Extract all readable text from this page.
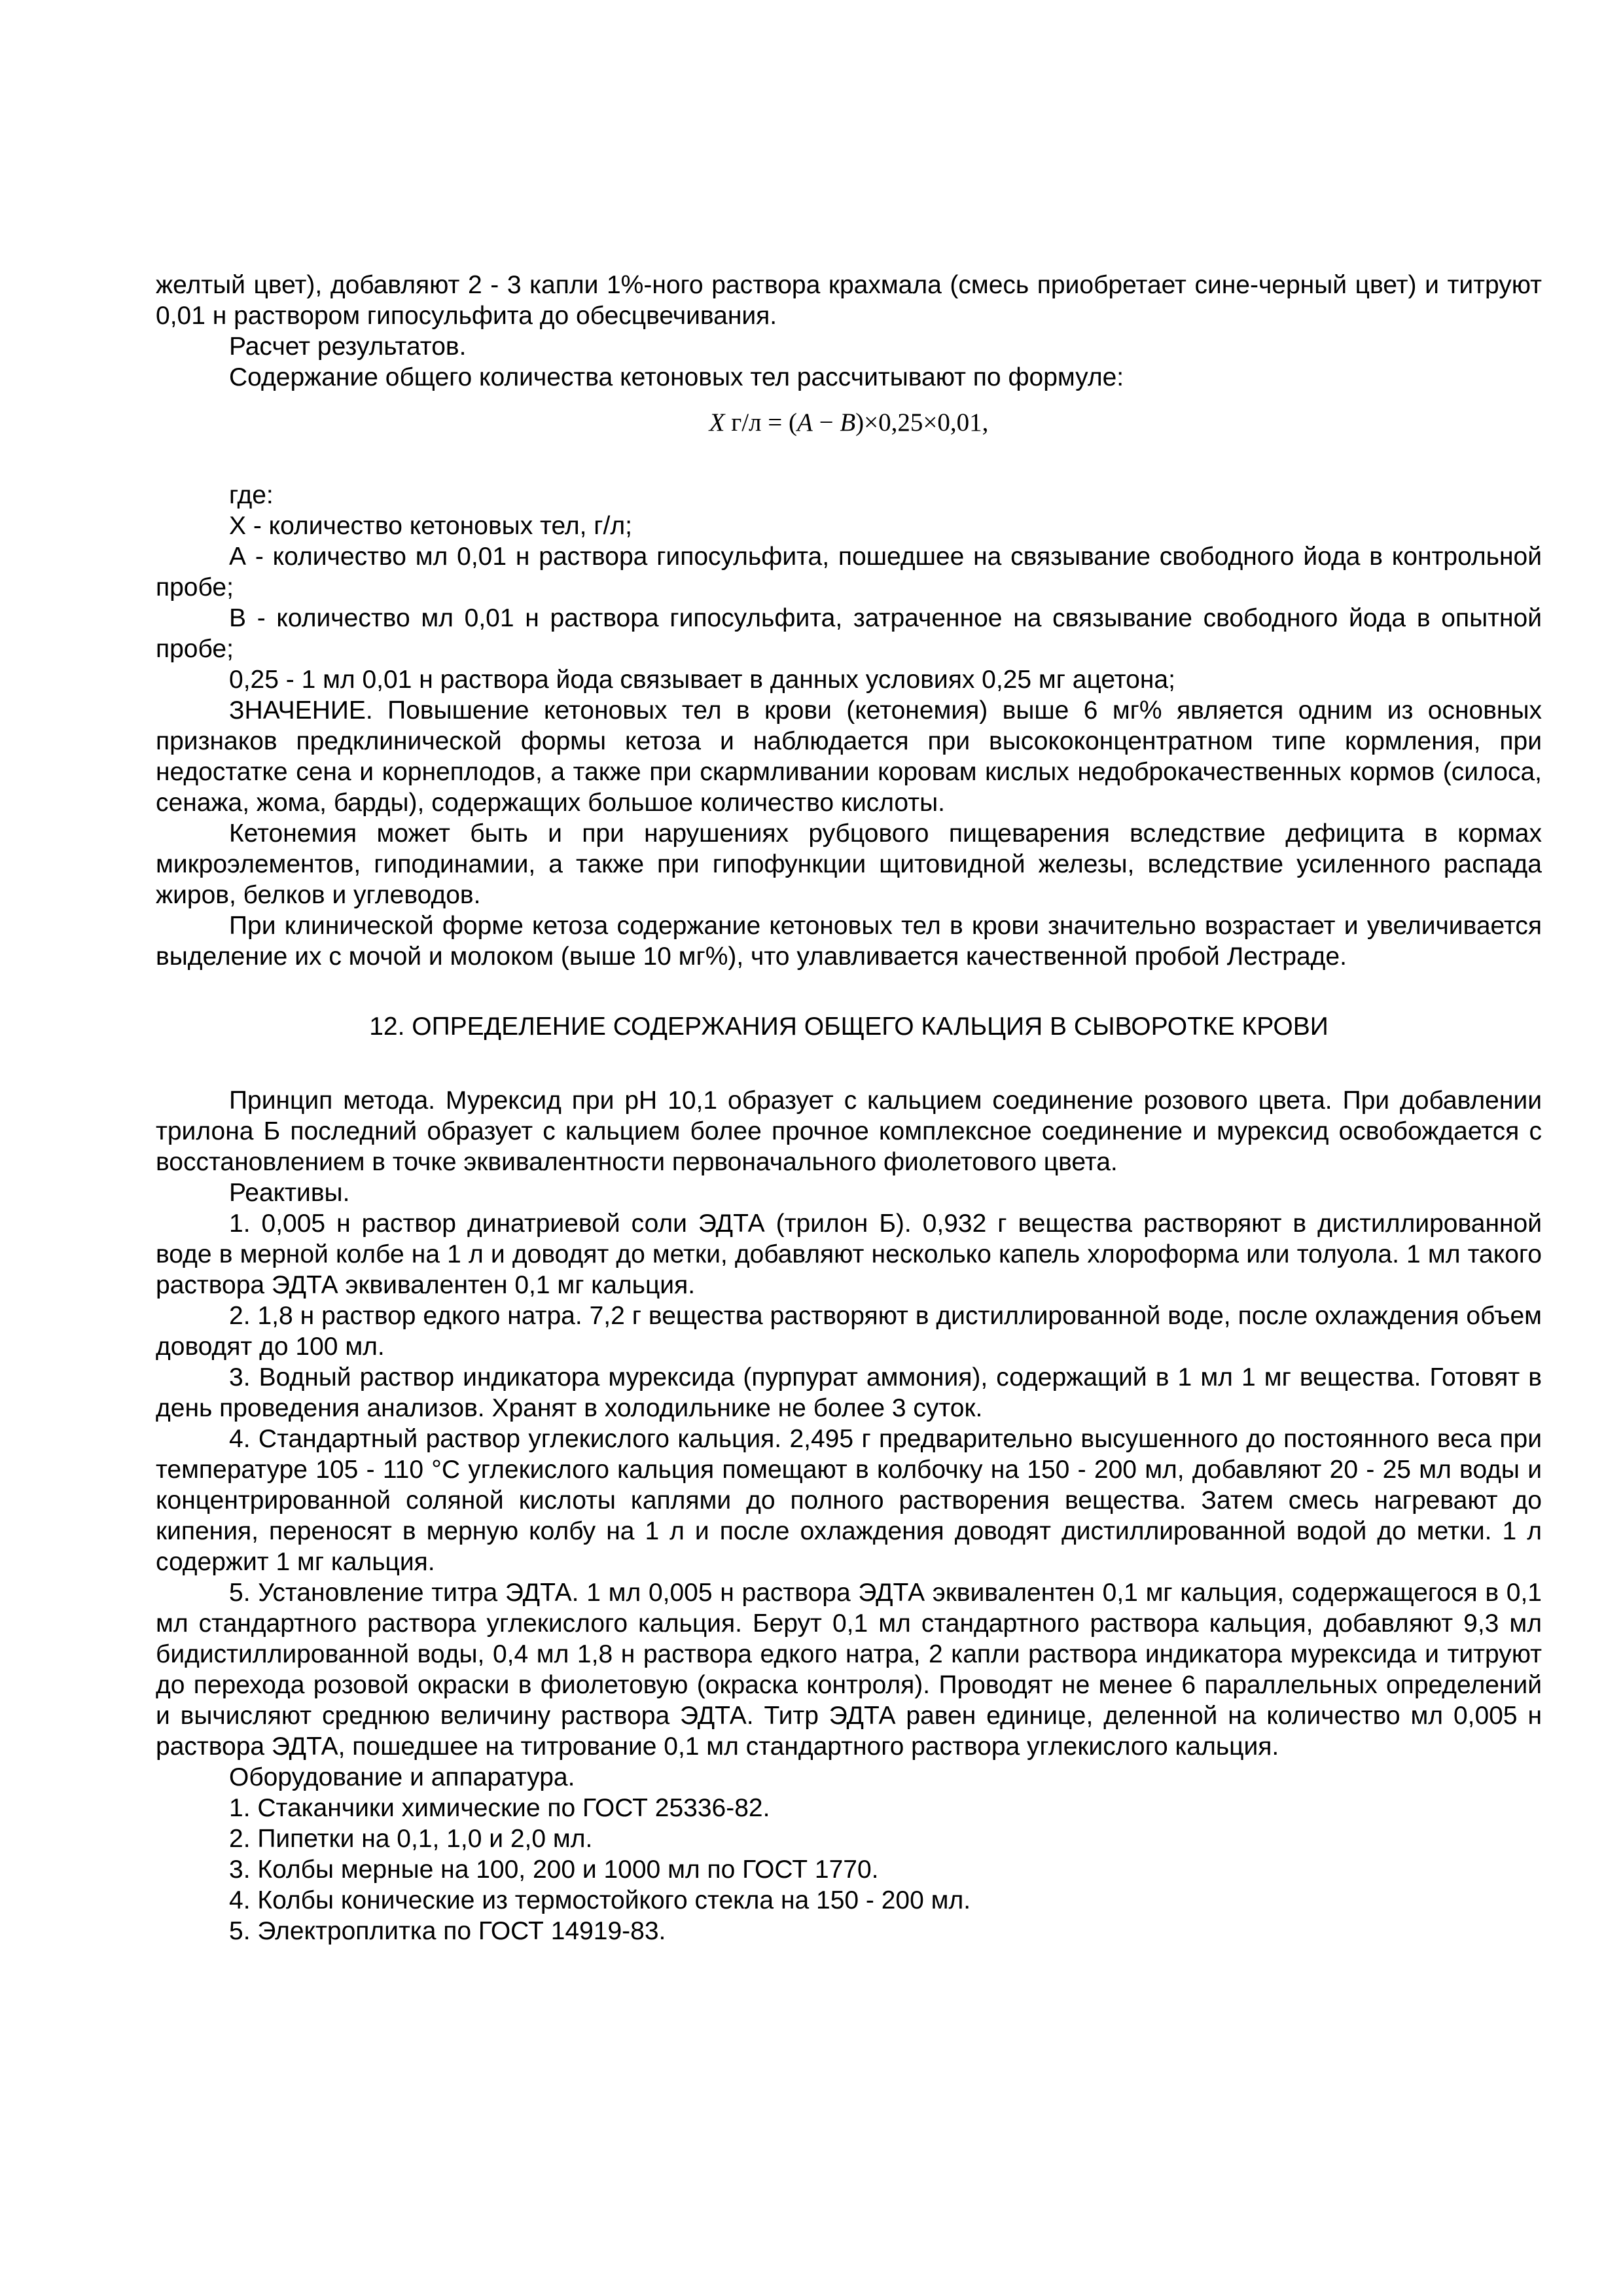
желтый цвет), добавляют 2 - 3 капли 1%-ного раствора крахмала (смесь приобретает сине-черный цвет) и титруют 0,01 н раствором гипосульфита до обесцвечивания.

Расчет результатов.

Содержание общего количества кетоновых тел рассчитывают по формуле:

X г/л = (A − B)×0,25×0,01,

где:

X - количество кетоновых тел, г/л;

А - количество мл 0,01 н раствора гипосульфита, пошедшее на связывание свободного йода в контрольной пробе;

В - количество мл 0,01 н раствора гипосульфита, затраченное на связывание свободного йода в опытной пробе;

0,25 - 1 мл 0,01 н раствора йода связывает в данных условиях 0,25 мг ацетона;

ЗНАЧЕНИЕ. Повышение кетоновых тел в крови (кетонемия) выше 6 мг% является одним из основных признаков предклинической формы кетоза и наблюдается при высококонцентратном типе кормления, при недостатке сена и корнеплодов, а также при скармливании коровам кислых недоброкачественных кормов (силоса, сенажа, жома, барды), содержащих большое количество кислоты.

Кетонемия может быть и при нарушениях рубцового пищеварения вследствие дефицита в кормах микроэлементов, гиподинамии, а также при гипофункции щитовидной железы, вследствие усиленного распада жиров, белков и углеводов.

При клинической форме кетоза содержание кетоновых тел в крови значительно возрастает и увеличивается выделение их с мочой и молоком (выше 10 мг%), что улавливается качественной пробой Лестраде.

12. ОПРЕДЕЛЕНИЕ СОДЕРЖАНИЯ ОБЩЕГО КАЛЬЦИЯ В СЫВОРОТКЕ КРОВИ

Принцип метода. Мурексид при рН 10,1 образует с кальцием соединение розового цвета. При добавлении трилона Б последний образует с кальцием более прочное комплексное соединение и мурексид освобождается с восстановлением в точке эквивалентности первоначального фиолетового цвета.

Реактивы.

1. 0,005 н раствор динатриевой соли ЭДТА (трилон Б). 0,932 г вещества растворяют в дистиллированной воде в мерной колбе на 1 л и доводят до метки, добавляют несколько капель хлороформа или толуола. 1 мл такого раствора ЭДТА эквивалентен 0,1 мг кальция.

2. 1,8 н раствор едкого натра. 7,2 г вещества растворяют в дистиллированной воде, после охлаждения объем доводят до 100 мл.

3. Водный раствор индикатора мурексида (пурпурат аммония), содержащий в 1 мл 1 мг вещества. Готовят в день проведения анализов. Хранят в холодильнике не более 3 суток.

4. Стандартный раствор углекислого кальция. 2,495 г предварительно высушенного до постоянного веса при температуре 105 - 110 °С углекислого кальция помещают в колбочку на 150 - 200 мл, добавляют 20 - 25 мл воды и концентрированной соляной кислоты каплями до полного растворения вещества. Затем смесь нагревают до кипения, переносят в мерную колбу на 1 л и после охлаждения доводят дистиллированной водой до метки. 1 л содержит 1 мг кальция.

5. Установление титра ЭДТА. 1 мл 0,005 н раствора ЭДТА эквивалентен 0,1 мг кальция, содержащегося в 0,1 мл стандартного раствора углекислого кальция. Берут 0,1 мл стандартного раствора кальция, добавляют 9,3 мл бидистиллированной воды, 0,4 мл 1,8 н раствора едкого натра, 2 капли раствора индикатора мурексида и титруют до перехода розовой окраски в фиолетовую (окраска контроля). Проводят не менее 6 параллельных определений и вычисляют среднюю величину раствора ЭДТА. Титр ЭДТА равен единице, деленной на количество мл 0,005 н раствора ЭДТА, пошедшее на титрование 0,1 мл стандартного раствора углекислого кальция.

Оборудование и аппаратура.

1. Стаканчики химические по ГОСТ 25336-82.

2. Пипетки на 0,1, 1,0 и 2,0 мл.

3. Колбы мерные на 100, 200 и 1000 мл по ГОСТ 1770.

4. Колбы конические из термостойкого стекла на 150 - 200 мл.

5. Электроплитка по ГОСТ 14919-83.
